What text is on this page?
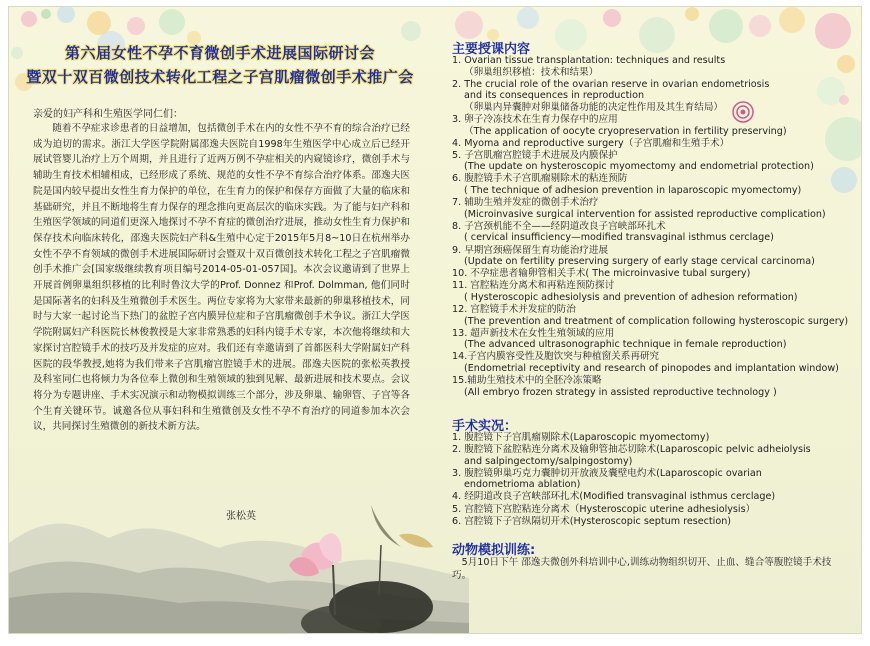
第六届女性不孕不育微创手术进展国际研讨会
暨双十双百微创技术转化工程之子宫肌瘤微创手术推广会
亲爱的妇产科和生殖医学同仁们：

随着不孕症求诊患者的日益增加，包括微创手术在内的女性不孕不育的综合治疗已经成为迫切的需求。浙江大学医学院附属邵逸夫医院自1998年生殖医学中心成立后已经开展试管婴儿治疗上万个周期，并且进行了近两万例不孕症相关的内窥镜诊疗，微创手术与辅助生育技术相辅相成，已经形成了系统、规范的女性不孕不育综合治疗体系。邵逸夫医院是国内较早提出女性生育力保护的单位，在生育力的保护和保存方面做了大量的临床和基础研究，并且不断地将生育力保存的理念推向更高层次的临床实践。为了能与妇产科和生殖医学领域的同道们更深入地探讨不孕不育症的微创治疗进展，推动女性生育力保护和保存技术向临床转化，邵逸夫医院妇产科&生殖中心定于2015年5月8~10日在杭州举办女性不孕不育领域的微创手术进展国际研讨会暨双十双百微创技术转化工程之子宫肌瘤微创手术推广会[国家级继续教育项目编号2014-05-01-057国]。本次会议邀请到了世界上开展首例卵巢组织移植的比利时鲁汶大学的Prof. Donnez 和Prof. Dolmman, 他们同时是国际著名的妇科及生殖微创手术医生。两位专家将为大家带来最新的卵巢移植技术，同时与大家一起讨论当下热门的盆腔子宫内膜异位症和子宫肌瘤微创手术争议。浙江大学医学院附属妇产科医院长林俊教授是大家非常熟悉的妇科内镜手术专家，本次他将继续和大家探讨宫腔镜手术的技巧及并发症的应对。我们还有幸邀请到了首都医科大学附属妇产科医院的段华教授,她将为我们带来子宫肌瘤宫腔镜手术的进展。邵逸夫医院的张松英教授及科室同仁也将倾力为各位奉上微创和生殖领域的独到见解、最新进展和技术要点。会议将分为专题讲座、手术实况演示和动物模拟训练三个部分，涉及卵巢、输卵管、子宫等各个生育关键环节。诚邀各位从事妇科和生殖微创及女性不孕不育治疗的同道参加本次会议，共同探讨生殖微创的新技术新方法。

张松英
主要授课内容
1. Ovarian tissue transplantation: techniques and results
（卵巢组织移植：技术和结果）
2. The crucial role of the ovarian reserve in ovarian endometriosis
and its consequences in reproduction
（卵巢内异囊肿对卵巢储备功能的决定性作用及其生育结局）
3. 卵子冷冻技术在生育力保存中的应用
（The application of oocyte cryopreservation in fertility preserving)
4. Myoma and reproductive surgery（子宫肌瘤和生殖手术）
5. 子宫肌瘤宫腔镜手术进展及内膜保护
(The update on hysteroscopic myomectomy and endometrial protection)
6. 腹腔镜手术子宫肌瘤剔除术的粘连预防
( The technique of adhesion prevention in laparoscopic myomectomy)
7. 辅助生殖并发症的微创手术治疗
(Microinvasive surgical intervention for assisted reproductive complication)
8. 子宫颈机能不全——经阴道改良子宫峡部环扎术
( cervical insufficiency—modified transvaginal isthmus cerclage)
9. 早期宫颈癌保留生育功能治疗进展
(Update on fertility preserving surgery of early stage cervical carcinoma)
10. 不孕症患者输卵管相关手术( The microinvasive tubal surgery)
11. 宫腔粘连分离术和再粘连预防探讨
( Hysteroscopic adhesiolysis and prevention of adhesion reformation)
12. 宫腔镜手术并发症的防治
(The prevention and treatment of complication following hysteroscopic surgery)
13. 超声新技术在女性生殖领域的应用
(The advanced ultrasonographic technique in female reproduction)
14.子宫内膜容受性及胞饮突与种植窗关系再研究
(Endometrial receptivity and research of pinopodes and implantation window)
15.辅助生殖技术中的全胚冷冻策略
(All embryo frozen strategy in assisted reproductive technology )
手术实况：
1. 腹腔镜下子宫肌瘤剔除术(Laparoscopic myomectomy)
2. 腹腔镜下盆腔粘连分离术及输卵管抽芯切除术(Laparoscopic pelvic adheiolysis
and salpingectomy/salpingostomy)
3. 腹腔镜卵巢巧克力囊肿切开放液及囊壁电灼术(Laparoscopic ovarian
endometrioma ablation)
4. 经阴道改良子宫峡部环扎术(Modified transvaginal isthmus cerclage)
5. 宫腔镜下宫腔粘连分离术（Hysteroscopic uterine adhesiolysis）
6. 宫腔镜下子宫纵隔切开术(Hysteroscopic septum resection)
动物模拟训练:

5月10日下午 邵逸夫微创外科培训中心,训练动物组织切开、止血、缝合等腹腔镜手术技巧。
